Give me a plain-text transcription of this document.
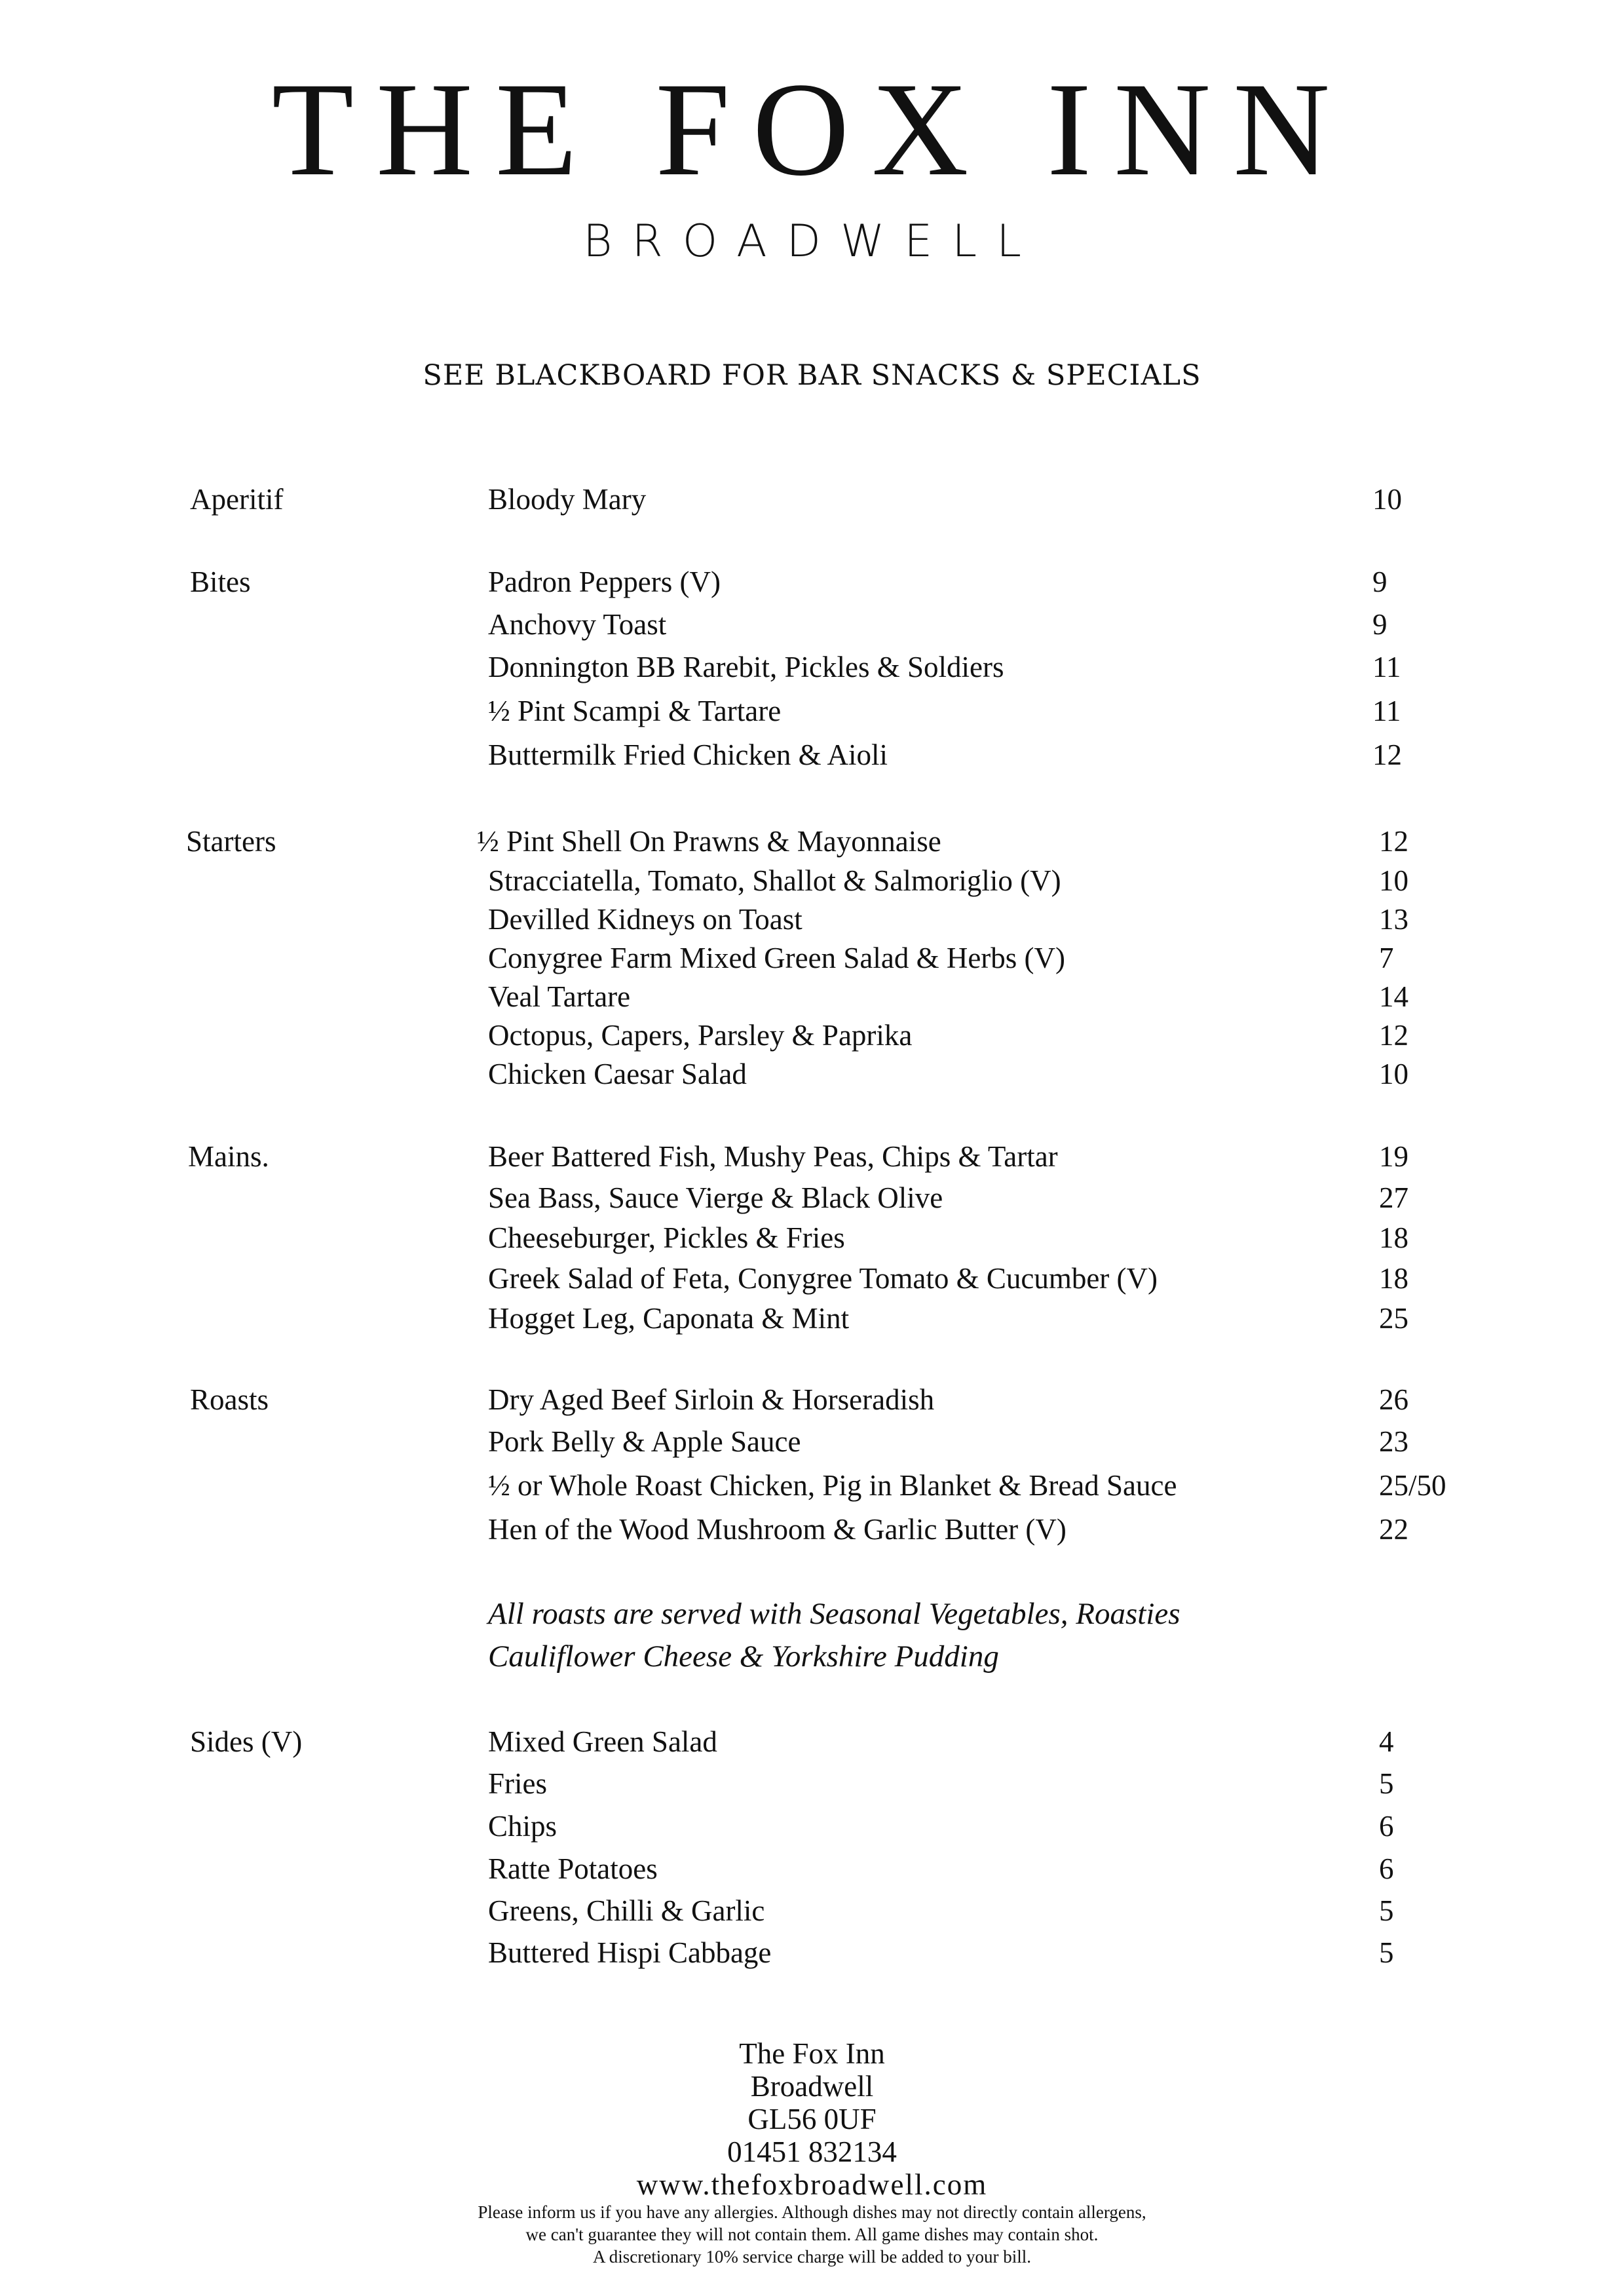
THE FOX INN
BROADWELL
SEE BLACKBOARD FOR BAR SNACKS & SPECIALS
Aperitif	Bloody Mary	10
Bites	Padron Peppers (V)	9
Anchovy Toast	9
Donnington BB Rarebit, Pickles & Soldiers	11
½ Pint Scampi & Tartare	11
Buttermilk Fried Chicken & Aioli	12
Starters	½ Pint Shell On Prawns & Mayonnaise	12
Stracciatella, Tomato, Shallot & Salmoriglio (V)	10
Devilled Kidneys on Toast	13
Conygree Farm Mixed Green Salad & Herbs (V)	7
Veal Tartare	14
Octopus, Capers, Parsley & Paprika	12
Chicken Caesar Salad	10
Mains.	Beer Battered Fish, Mushy Peas, Chips & Tartar	19
Sea Bass, Sauce Vierge & Black Olive	27
Cheeseburger, Pickles & Fries	18
Greek Salad of Feta, Conygree Tomato & Cucumber (V)	18
Hogget Leg, Caponata & Mint	25
Roasts	Dry Aged Beef Sirloin & Horseradish	26
Pork Belly & Apple Sauce	23
½ or Whole Roast Chicken, Pig in Blanket & Bread Sauce	25/50
Hen of the Wood Mushroom & Garlic Butter (V)	22
All roasts are served with Seasonal Vegetables, Roasties
Cauliflower Cheese & Yorkshire Pudding
Sides (V)	Mixed Green Salad	4
Fries	5
Chips	6
Ratte Potatoes	6
Greens, Chilli & Garlic	5
Buttered Hispi Cabbage	5
The Fox Inn
Broadwell
GL56 0UF
01451 832134
www.thefoxbroadwell.com
Please inform us if you have any allergies. Although dishes may not directly contain allergens,
we can't guarantee they will not contain them. All game dishes may contain shot.
A discretionary 10% service charge will be added to your bill.
